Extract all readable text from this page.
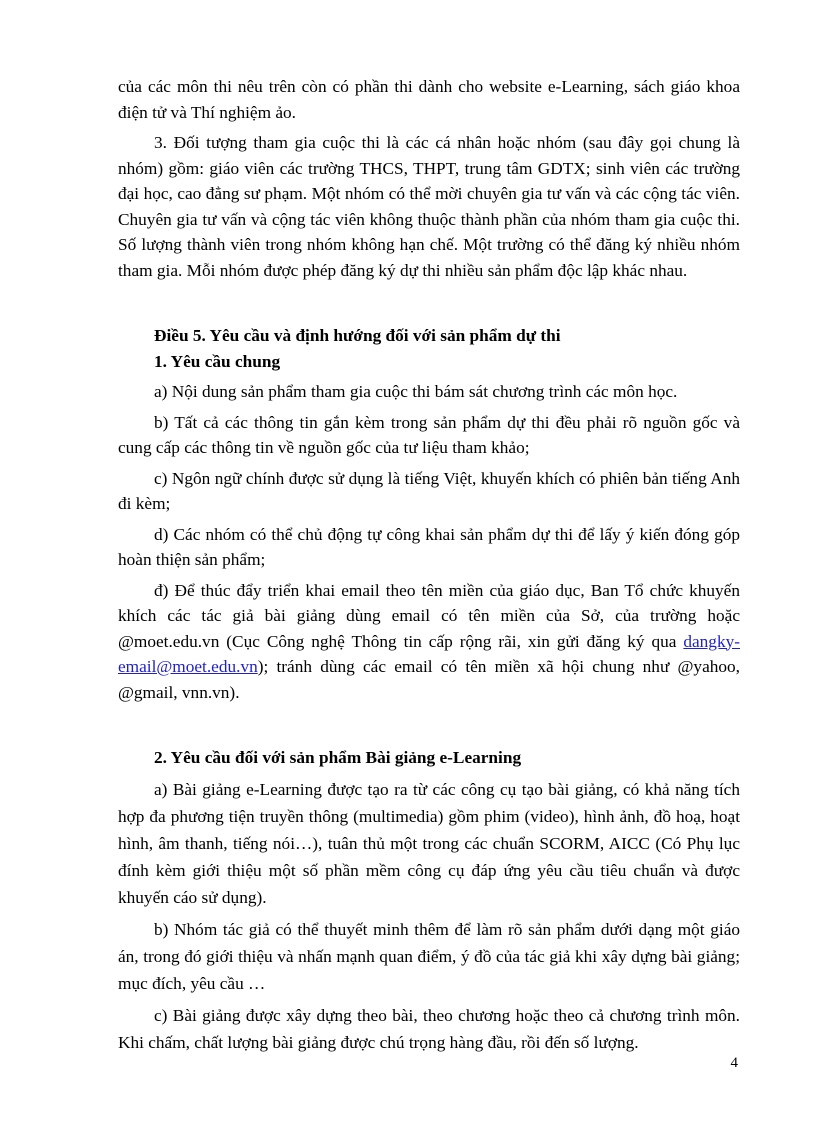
của các môn thi nêu trên còn có phần thi dành cho website e-Learning, sách giáo khoa điện tử và Thí nghiệm ảo.

3. Đối tượng tham gia cuộc thi là các cá nhân hoặc nhóm (sau đây gọi chung là nhóm) gồm: giáo viên các trường THCS, THPT, trung tâm GDTX; sinh viên các trường đại học, cao đẳng sư phạm. Một nhóm có thể mời chuyên gia tư vấn và các cộng tác viên. Chuyên gia tư vấn và cộng tác viên không thuộc thành phần của nhóm tham gia cuộc thi. Số lượng thành viên trong nhóm không hạn chế. Một trường có thể đăng ký nhiều nhóm tham gia. Mỗi nhóm được phép đăng ký dự thi nhiều sản phẩm độc lập khác nhau.

Điều 5. Yêu cầu và định hướng đối với sản phẩm dự thi

1. Yêu cầu chung

a) Nội dung sản phẩm tham gia cuộc thi bám sát chương trình các môn học.

b) Tất cả các thông tin gắn kèm trong sản phẩm dự thi đều phải rõ nguồn gốc và cung cấp các thông tin về nguồn gốc của tư liệu tham khảo;

c) Ngôn ngữ chính được sử dụng là tiếng Việt, khuyến khích có phiên bản tiếng Anh đi kèm;

d) Các nhóm có thể chủ động tự công khai sản phẩm dự thi để lấy ý kiến đóng góp hoàn thiện sản phẩm;

đ) Để thúc đẩy triển khai email theo tên miền của giáo dục, Ban Tổ chức khuyến khích các tác giả bài giảng dùng email có tên miền của Sở, của trường hoặc @moet.edu.vn (Cục Công nghệ Thông tin cấp rộng rãi, xin gửi đăng ký qua dangky-email@moet.edu.vn); tránh dùng các email có tên miền xã hội chung như @yahoo, @gmail, vnn.vn).

2. Yêu cầu đối với sản phẩm Bài giảng e-Learning

a) Bài giảng e-Learning được tạo ra từ các công cụ tạo bài giảng, có khả năng tích hợp đa phương tiện truyền thông (multimedia) gồm phim (video), hình ảnh, đồ hoạ, hoạt hình, âm thanh, tiếng nói…), tuân thủ một trong các chuẩn SCORM, AICC (Có Phụ lục đính kèm giới thiệu một số phần mềm công cụ đáp ứng yêu cầu tiêu chuẩn và được khuyến cáo sử dụng).

b) Nhóm tác giả có thể thuyết minh thêm để làm rõ sản phẩm dưới dạng một giáo án, trong đó giới thiệu và nhấn mạnh quan điểm, ý đồ của tác giả khi xây dựng bài giảng; mục đích, yêu cầu …

c) Bài giảng được xây dựng theo bài, theo chương hoặc theo cả chương trình môn. Khi chấm, chất lượng bài giảng được chú trọng hàng đầu, rồi đến số lượng.

4
